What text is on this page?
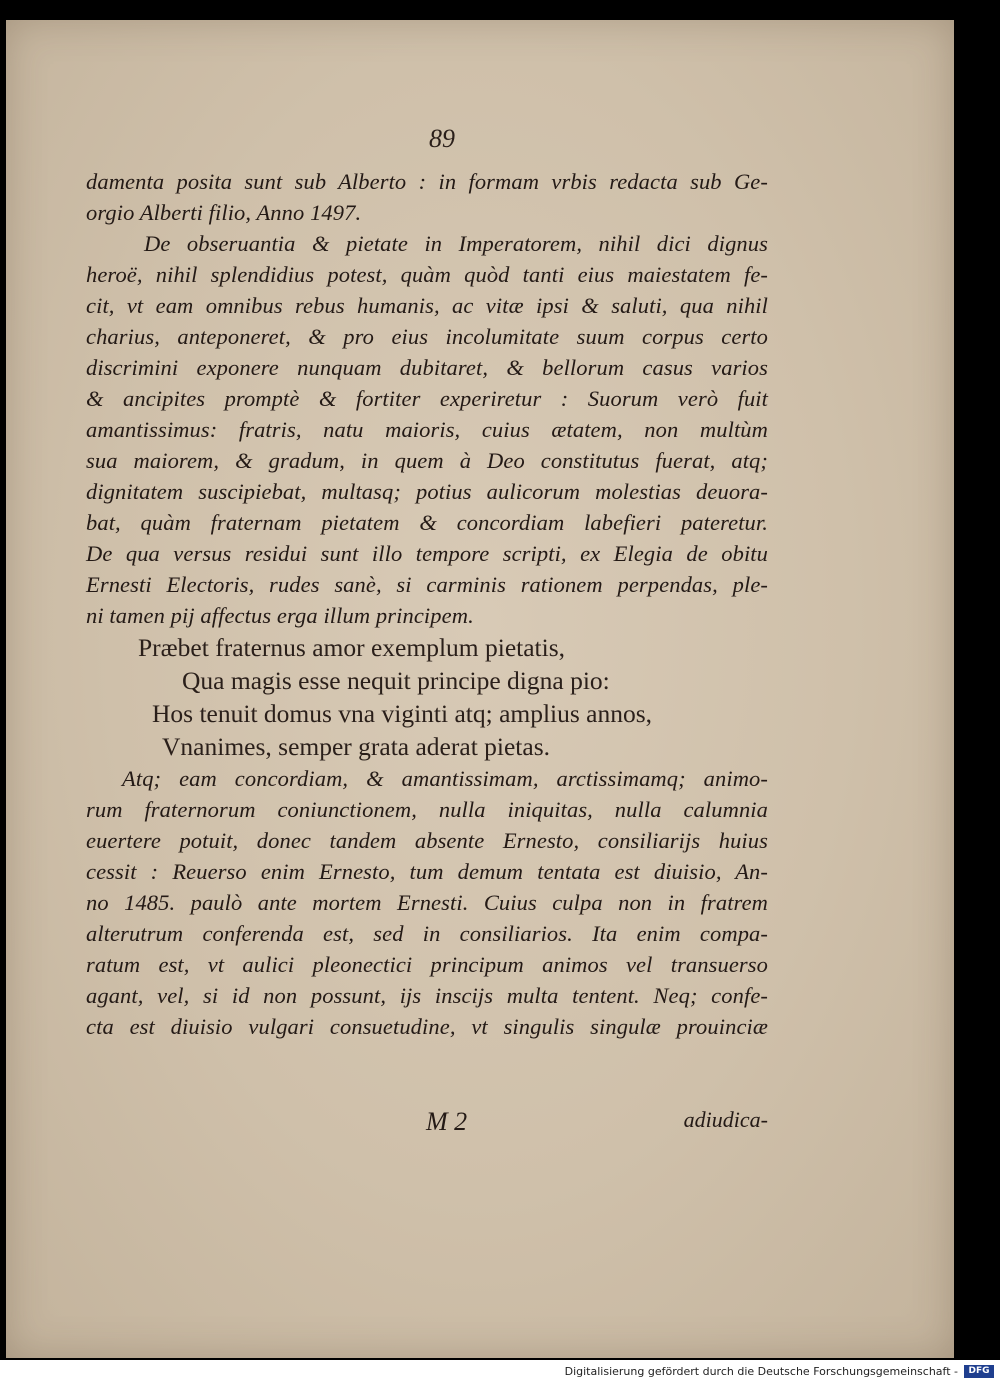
89
damenta posita sunt sub Alberto : in formam vrbis redacta sub Ge-
orgio Alberti filio, Anno 1497.
De obseruantia & pietate in Imperatorem, nihil dici dignus
heroë, nihil splendidius potest, quàm quòd tanti eius maiestatem fe-
cit, vt eam omnibus rebus humanis, ac vitæ ipsi & saluti, qua nihil
charius, anteponeret, & pro eius incolumitate suum corpus certo
discrimini exponere nunquam dubitaret, & bellorum casus varios
& ancipites promptè & fortiter experiretur : Suorum verò fuit
amantissimus: fratris, natu maioris, cuius ætatem, non multùm
sua maiorem, & gradum, in quem à Deo constitutus fuerat, atq;
dignitatem suscipiebat, multasq; potius aulicorum molestias deuora-
bat, quàm fraternam pietatem & concordiam labefieri pateretur.
De qua versus residui sunt illo tempore scripti, ex Elegia de obitu
Ernesti Electoris, rudes sanè, si carminis rationem perpendas, ple-
ni tamen pij affectus erga illum principem.
Præbet fraternus amor exemplum pietatis,
Qua magis esse nequit principe digna pio:
Hos tenuit domus vna viginti atq; amplius annos,
Vnanimes, semper grata aderat pietas.
Atq; eam concordiam, & amantissimam, arctissimamq; animo-
rum fraternorum coniunctionem, nulla iniquitas, nulla calumnia
euertere potuit, donec tandem absente Ernesto, consiliarijs huius
cessit : Reuerso enim Ernesto, tum demum tentata est diuisio, An-
no 1485. paulò ante mortem Ernesti. Cuius culpa non in fratrem
alterutrum conferenda est, sed in consiliarios. Ita enim compa-
ratum est, vt aulici pleonectici principum animos vel transuerso
agant, vel, si id non possunt, ijs inscijs multa tentent. Neq; confe-
cta est diuisio vulgari consuetudine, vt singulis singulæ prouinciæ
M 2	adiudica-
Digitalisierung gefördert durch die Deutsche Forschungsgemeinschaft -	DFG
